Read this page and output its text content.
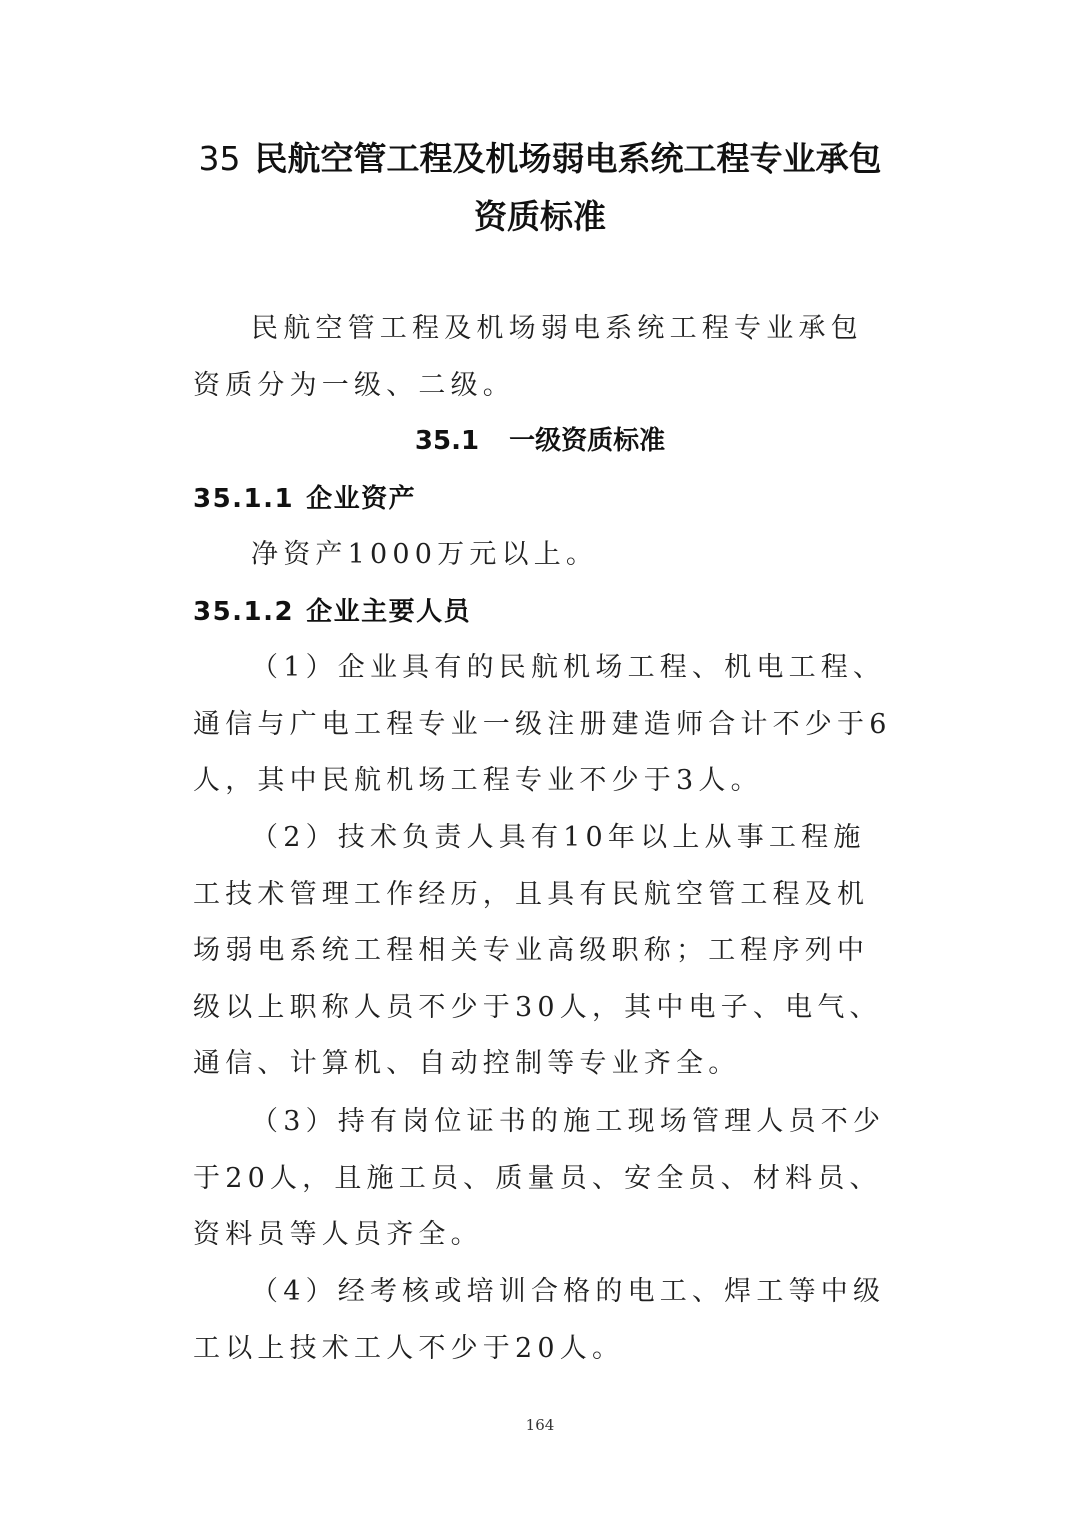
35 民航空管工程及机场弱电系统工程专业承包
资质标准
民航空管工程及机场弱电系统工程专业承包资质分为一级、二级。
35.1 一级资质标准
35.1.1 企业资产
净资产1000万元以上。
35.1.2 企业主要人员
（1）企业具有的民航机场工程、机电工程、通信与广电工程专业一级注册建造师合计不少于6人，其中民航机场工程专业不少于3人。
（2）技术负责人具有10年以上从事工程施工技术管理工作经历，且具有民航空管工程及机场弱电系统工程相关专业高级职称；工程序列中级以上职称人员不少于30人，其中电子、电气、通信、计算机、自动控制等专业齐全。
（3）持有岗位证书的施工现场管理人员不少于20人，且施工员、质量员、安全员、材料员、资料员等人员齐全。
（4）经考核或培训合格的电工、焊工等中级工以上技术工人不少于20人。
164
